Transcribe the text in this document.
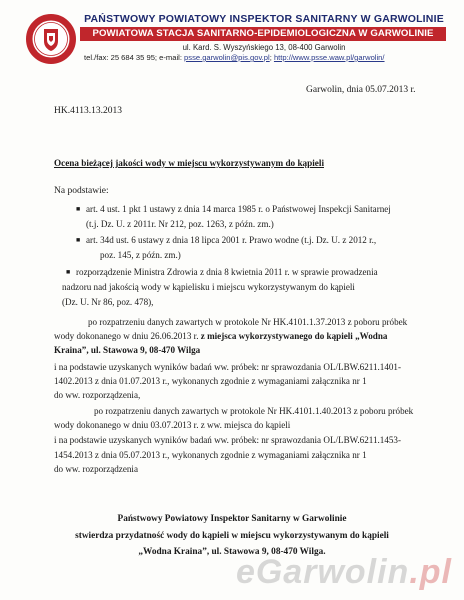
PAŃSTWOWY POWIATOWY INSPEKTOR SANITARNY W GARWOLINIE
POWIATOWA STACJA SANITARNO-EPIDEMIOLOGICZNA W GARWOLINIE
ul. Kard. S. Wyszyńskiego 13, 08-400 Garwolin
tel./fax: 25 684 35 95; e-mail: psse.garwolin@pis.gov.pl; http://www.psse.waw.pl/garwolin/
Garwolin, dnia 05.07.2013 r.
HK.4113.13.2013
Ocena bieżącej jakości wody w miejscu wykorzystywanym do kąpieli
Na podstawie:
■ art. 4 ust. 1 pkt 1 ustawy z dnia 14 marca 1985 r. o Państwowej Inspekcji Sanitarnej
(t.j. Dz. U. z 2011r. Nr 212, poz. 1263, z późn. zm.)
■ art. 34d ust. 6 ustawy z dnia 18 lipca 2001 r. Prawo wodne (t.j. Dz. U. z 2012 r.,
poz. 145, z późn. zm.)
■ rozporządzenie Ministra Zdrowia z dnia 8 kwietnia 2011 r. w sprawie prowadzenia
nadzoru nad jakością wody w kąpielisku i miejscu wykorzystywanym do kąpieli
(Dz. U. Nr 86, poz. 478),
po rozpatrzeniu danych zawartych w protokole Nr HK.4101.1.37.2013 z poboru próbek
wody dokonanego w dniu 26.06.2013 r. z miejsca wykorzystywanego do kąpieli „Wodna
Kraina”, ul. Stawowa 9, 08-470 Wilga
i na podstawie uzyskanych wyników badań ww. próbek: nr sprawozdania OL/LBW.6211.1401-
1402.2013 z dnia 01.07.2013 r., wykonanych zgodnie z wymaganiami załącznika nr 1
do ww. rozporządzenia,
po rozpatrzeniu danych zawartych w protokole Nr HK.4101.1.40.2013 z poboru próbek
wody dokonanego w dniu 03.07.2013 r. z ww. miejsca do kąpieli
i na podstawie uzyskanych wyników badań ww. próbek: nr sprawozdania OL/LBW.6211.1453-
1454.2013 z dnia 05.07.2013 r., wykonanych zgodnie z wymaganiami załącznika nr 1
do ww. rozporządzenia
Państwowy Powiatowy Inspektor Sanitarny w Garwolinie
stwierdza przydatność wody do kąpieli w miejscu wykorzystywanym do kąpieli
„Wodna Kraina”, ul. Stawowa 9, 08-470 Wilga.
eGarwolin.pl
